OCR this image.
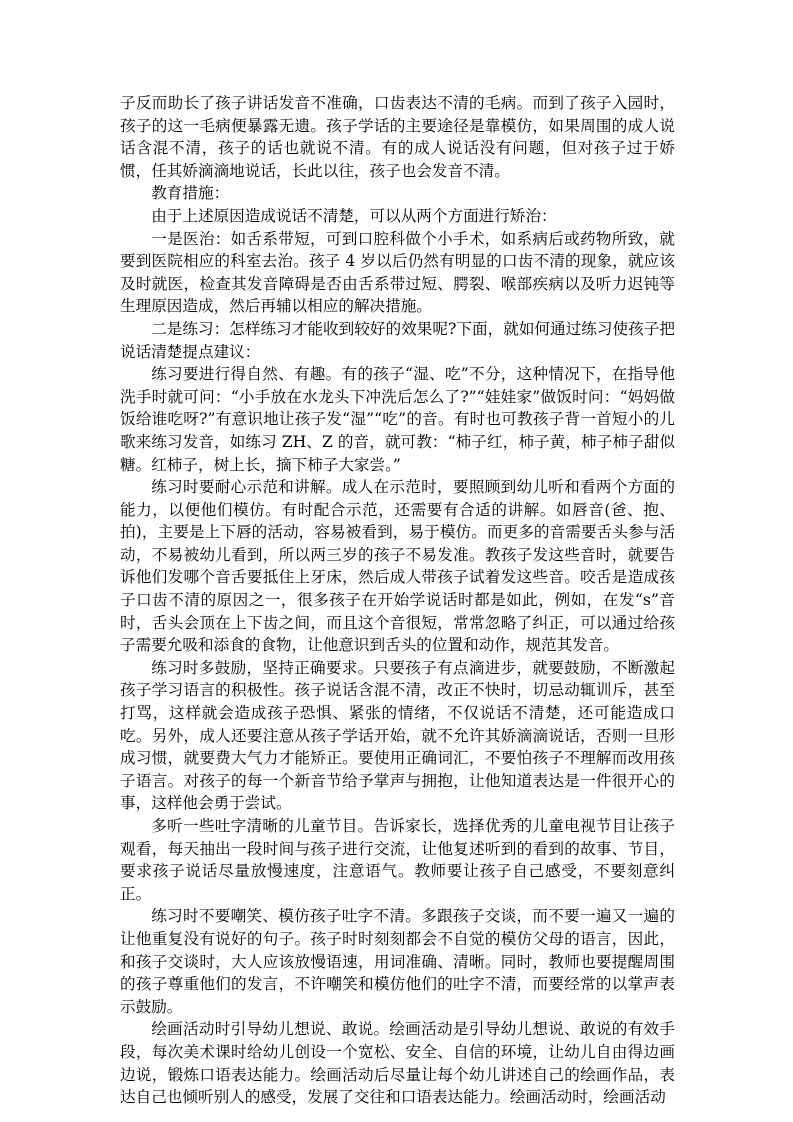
子反而助长了孩子讲话发音不准确，口齿表达不清的毛病。而到了孩子入园时，孩子的这一毛病便暴露无遗。孩子学话的主要途径是靠模仿，如果周围的成人说话含混不清，孩子的话也就说不清。有的成人说话没有问题，但对孩子过于娇惯，任其娇滴滴地说话，长此以往，孩子也会发音不清。

教育措施：

由于上述原因造成说话不清楚，可以从两个方面进行矫治：

一是医治：如舌系带短，可到口腔科做个小手术，如系病后或药物所致，就要到医院相应的科室去治。孩子 4 岁以后仍然有明显的口齿不清的现象，就应该及时就医，检查其发音障碍是否由舌系带过短、腭裂、喉部疾病以及听力迟钝等生理原因造成，然后再辅以相应的解决措施。

二是练习：怎样练习才能收到较好的效果呢?下面，就如何通过练习使孩子把说话清楚提点建议：

练习要进行得自然、有趣。有的孩子“湿、吃”不分，这种情况下，在指导他洗手时就可问：“小手放在水龙头下冲洗后怎么了?”“娃娃家”做饭时问：“妈妈做饭给谁吃呀?”有意识地让孩子发“湿”“吃”的音。有时也可教孩子背一首短小的儿歌来练习发音，如练习 ZH、Z 的音，就可教：“柿子红，柿子黄，柿子柿子甜似糖。红柿子，树上长，摘下柿子大家尝。”

练习时要耐心示范和讲解。成人在示范时，要照顾到幼儿听和看两个方面的能力，以便他们模仿。有时配合示范，还需要有合适的讲解。如唇音(爸、抱、拍)，主要是上下唇的活动，容易被看到，易于模仿。而更多的音需要舌头参与活动，不易被幼儿看到，所以两三岁的孩子不易发准。教孩子发这些音时，就要告诉他们发哪个音舌要抵住上牙床，然后成人带孩子试着发这些音。咬舌是造成孩子口齿不清的原因之一，很多孩子在开始学说话时都是如此，例如，在发“s”音时，舌头会顶在上下齿之间，而且这个音很短，常常忽略了纠正，可以通过给孩子需要允吸和添食的食物，让他意识到舌头的位置和动作，规范其发音。

练习时多鼓励，坚持正确要求。只要孩子有点滴进步，就要鼓励，不断激起孩子学习语言的积极性。孩子说话含混不清，改正不快时，切忌动辄训斥，甚至打骂，这样就会造成孩子恐惧、紧张的情绪，不仅说话不清楚，还可能造成口吃。另外，成人还要注意从孩子学话开始，就不允许其娇滴滴说话，否则一旦形成习惯，就要费大气力才能矫正。要使用正确词汇，不要怕孩子不理解而改用孩子语言。对孩子的每一个新音节给予掌声与拥抱，让他知道表达是一件很开心的事，这样他会勇于尝试。

多听一些吐字清晰的儿童节目。告诉家长，选择优秀的儿童电视节目让孩子观看，每天抽出一段时间与孩子进行交流，让他复述听到的看到的故事、节目，要求孩子说话尽量放慢速度，注意语气。教师要让孩子自己感受，不要刻意纠正。

练习时不要嘲笑、模仿孩子吐字不清。多跟孩子交谈，而不要一遍又一遍的让他重复没有说好的句子。孩子时时刻刻都会不自觉的模仿父母的语言，因此，和孩子交谈时，大人应该放慢语速，用词准确、清晰。同时，教师也要提醒周围的孩子尊重他们的发言，不许嘲笑和模仿他们的吐字不清，而要经常的以掌声表示鼓励。

绘画活动时引导幼儿想说、敢说。绘画活动是引导幼儿想说、敢说的有效手段，每次美术课时给幼儿创设一个宽松、安全、自信的环境，让幼儿自由得边画边说，锻炼口语表达能力。绘画活动后尽量让每个幼儿讲述自己的绘画作品，表达自己也倾听别人的感受，发展了交往和口语表达能力。绘画活动时，绘画活动
